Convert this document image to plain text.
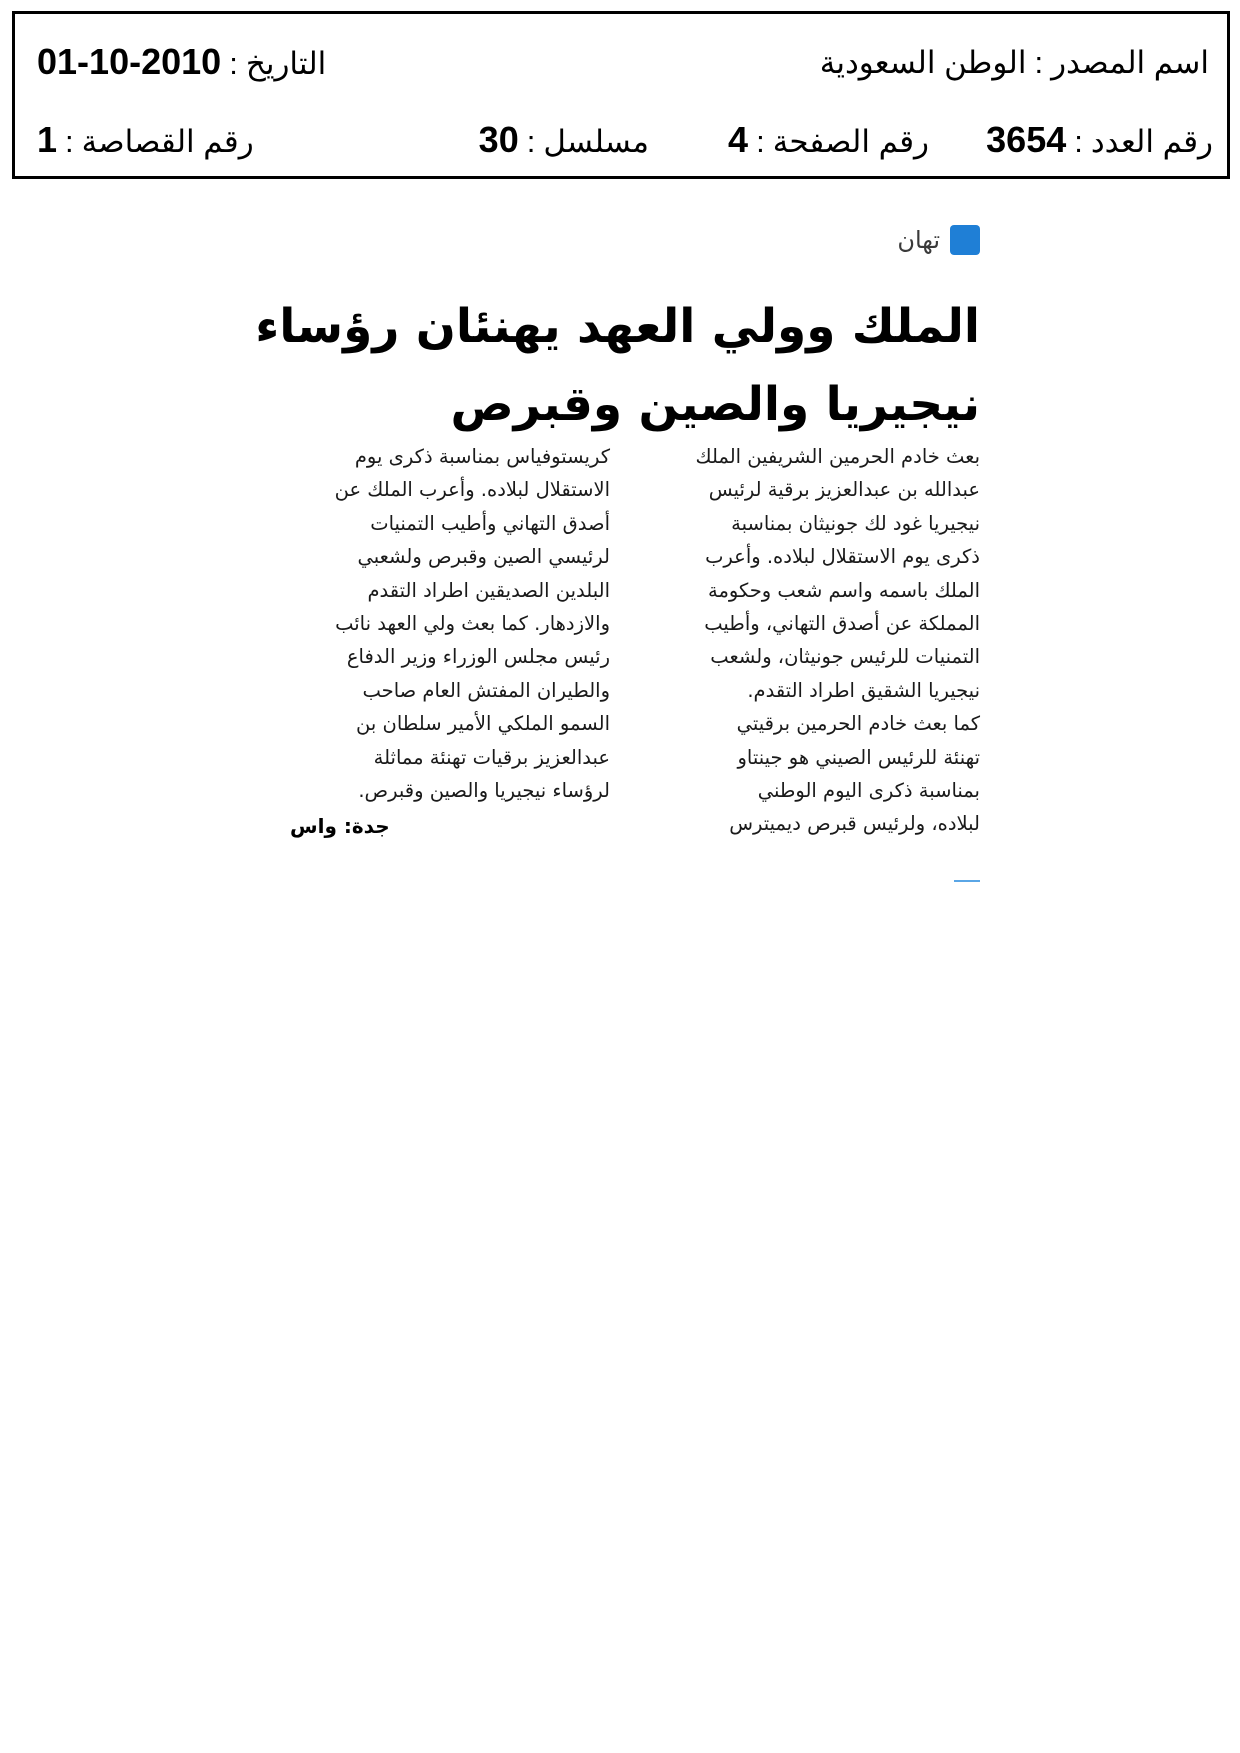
اسم المصدر:الوطن السعودية
التاريخ:2010-10-01
رقم العدد:3654
رقم الصفحة:4
مسلسل:30
رقم القصاصة:1
تهان
الملك وولي العهد يهنئان رؤساء
نيجيريا والصين وقبرص
بعث خادم الحرمين الشريفين الملك
عبدالله بن عبدالعزيز برقية لرئيس
نيجيريا غود لك جونيثان بمناسبة
ذكرى يوم الاستقلال لبلاده. وأعرب
الملك باسمه واسم شعب وحكومة
المملكة عن أصدق التهاني، وأطيب
التمنيات للرئيس جونيثان، ولشعب
نيجيريا الشقيق اطراد التقدم.
كما بعث خادم الحرمين برقيتي
تهنئة للرئيس الصيني هو جينتاو
بمناسبة ذكرى اليوم الوطني
لبلاده، ولرئيس قبرص ديميترس
كريستوفياس بمناسبة ذكرى يوم
الاستقلال لبلاده. وأعرب الملك عن
أصدق التهاني وأطيب التمنيات
لرئيسي الصين وقبرص ولشعبي
البلدين الصديقين اطراد التقدم
والازدهار. كما بعث ولي العهد نائب
رئيس مجلس الوزراء وزير الدفاع
والطيران المفتش العام صاحب
السمو الملكي الأمير سلطان بن
عبدالعزيز برقيات تهنئة مماثلة
لرؤساء نيجيريا والصين وقبرص.
جدة: واس
